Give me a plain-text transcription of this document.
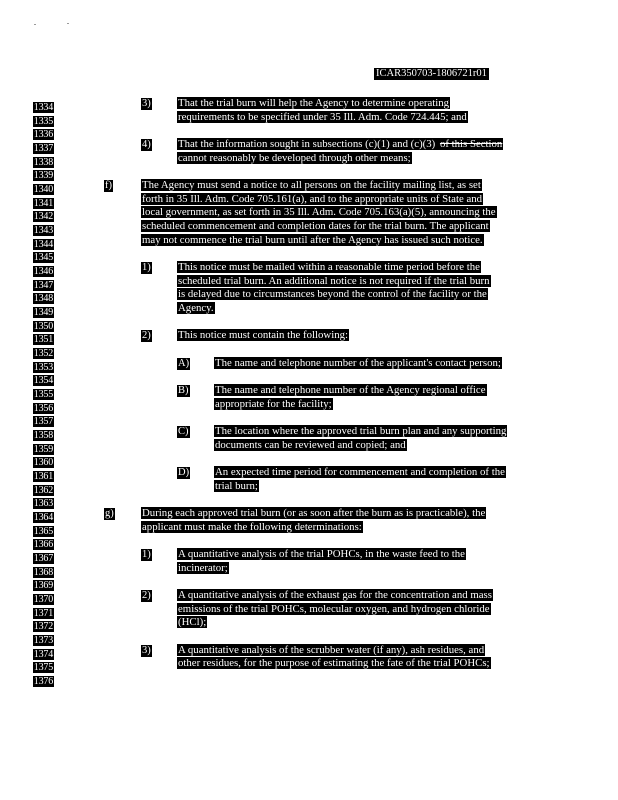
ICAR350703-1806721r01
1334
1335
1336
1337
1338
1339
1340
1341
1342
1343
1344
1345
1346
1347
1348
1349
1350
1351
1352
1353
1354
1355
1356
1357
1358
1359
1360
1361
1362
1363
1364
1365
1366
1367
1368
1369
1370
1371
1372
1373
1374
1375
1376
3)	That the trial burn will help the Agency to determine operating
requirements to be specified under 35 Ill. Adm. Code 724.445; and
4)	That the information sought in subsections (c)(1) and (c)(3) of this Section
cannot reasonably be developed through other means;
f)	The Agency must send a notice to all persons on the facility mailing list, as set
forth in 35 Ill. Adm. Code 705.161(a), and to the appropriate units of State and
local government, as set forth in 35 Ill. Adm. Code 705.163(a)(5), announcing the
scheduled commencement and completion dates for the trial burn. The applicant
may not commence the trial burn until after the Agency has issued such notice.
1)	This notice must be mailed within a reasonable time period before the
scheduled trial burn. An additional notice is not required if the trial burn
is delayed due to circumstances beyond the control of the facility or the
Agency.
2)	This notice must contain the following:
A) The name and telephone number of the applicant's contact person;
B) The name and telephone number of the Agency regional office
appropriate for the facility;
C) The location where the approved trial burn plan and any supporting
documents can be reviewed and copied; and
D) An expected time period for commencement and completion of the
trial burn;
g)	During each approved trial burn (or as soon after the burn as is practicable), the
applicant must make the following determinations:
1)	A quantitative analysis of the trial POHCs, in the waste feed to the
incinerator;
2)	A quantitative analysis of the exhaust gas for the concentration and mass
emissions of the trial POHCs, molecular oxygen, and hydrogen chloride
(HCl);
3)	A quantitative analysis of the scrubber water (if any), ash residues, and
other residues, for the purpose of estimating the fate of the trial POHCs;
